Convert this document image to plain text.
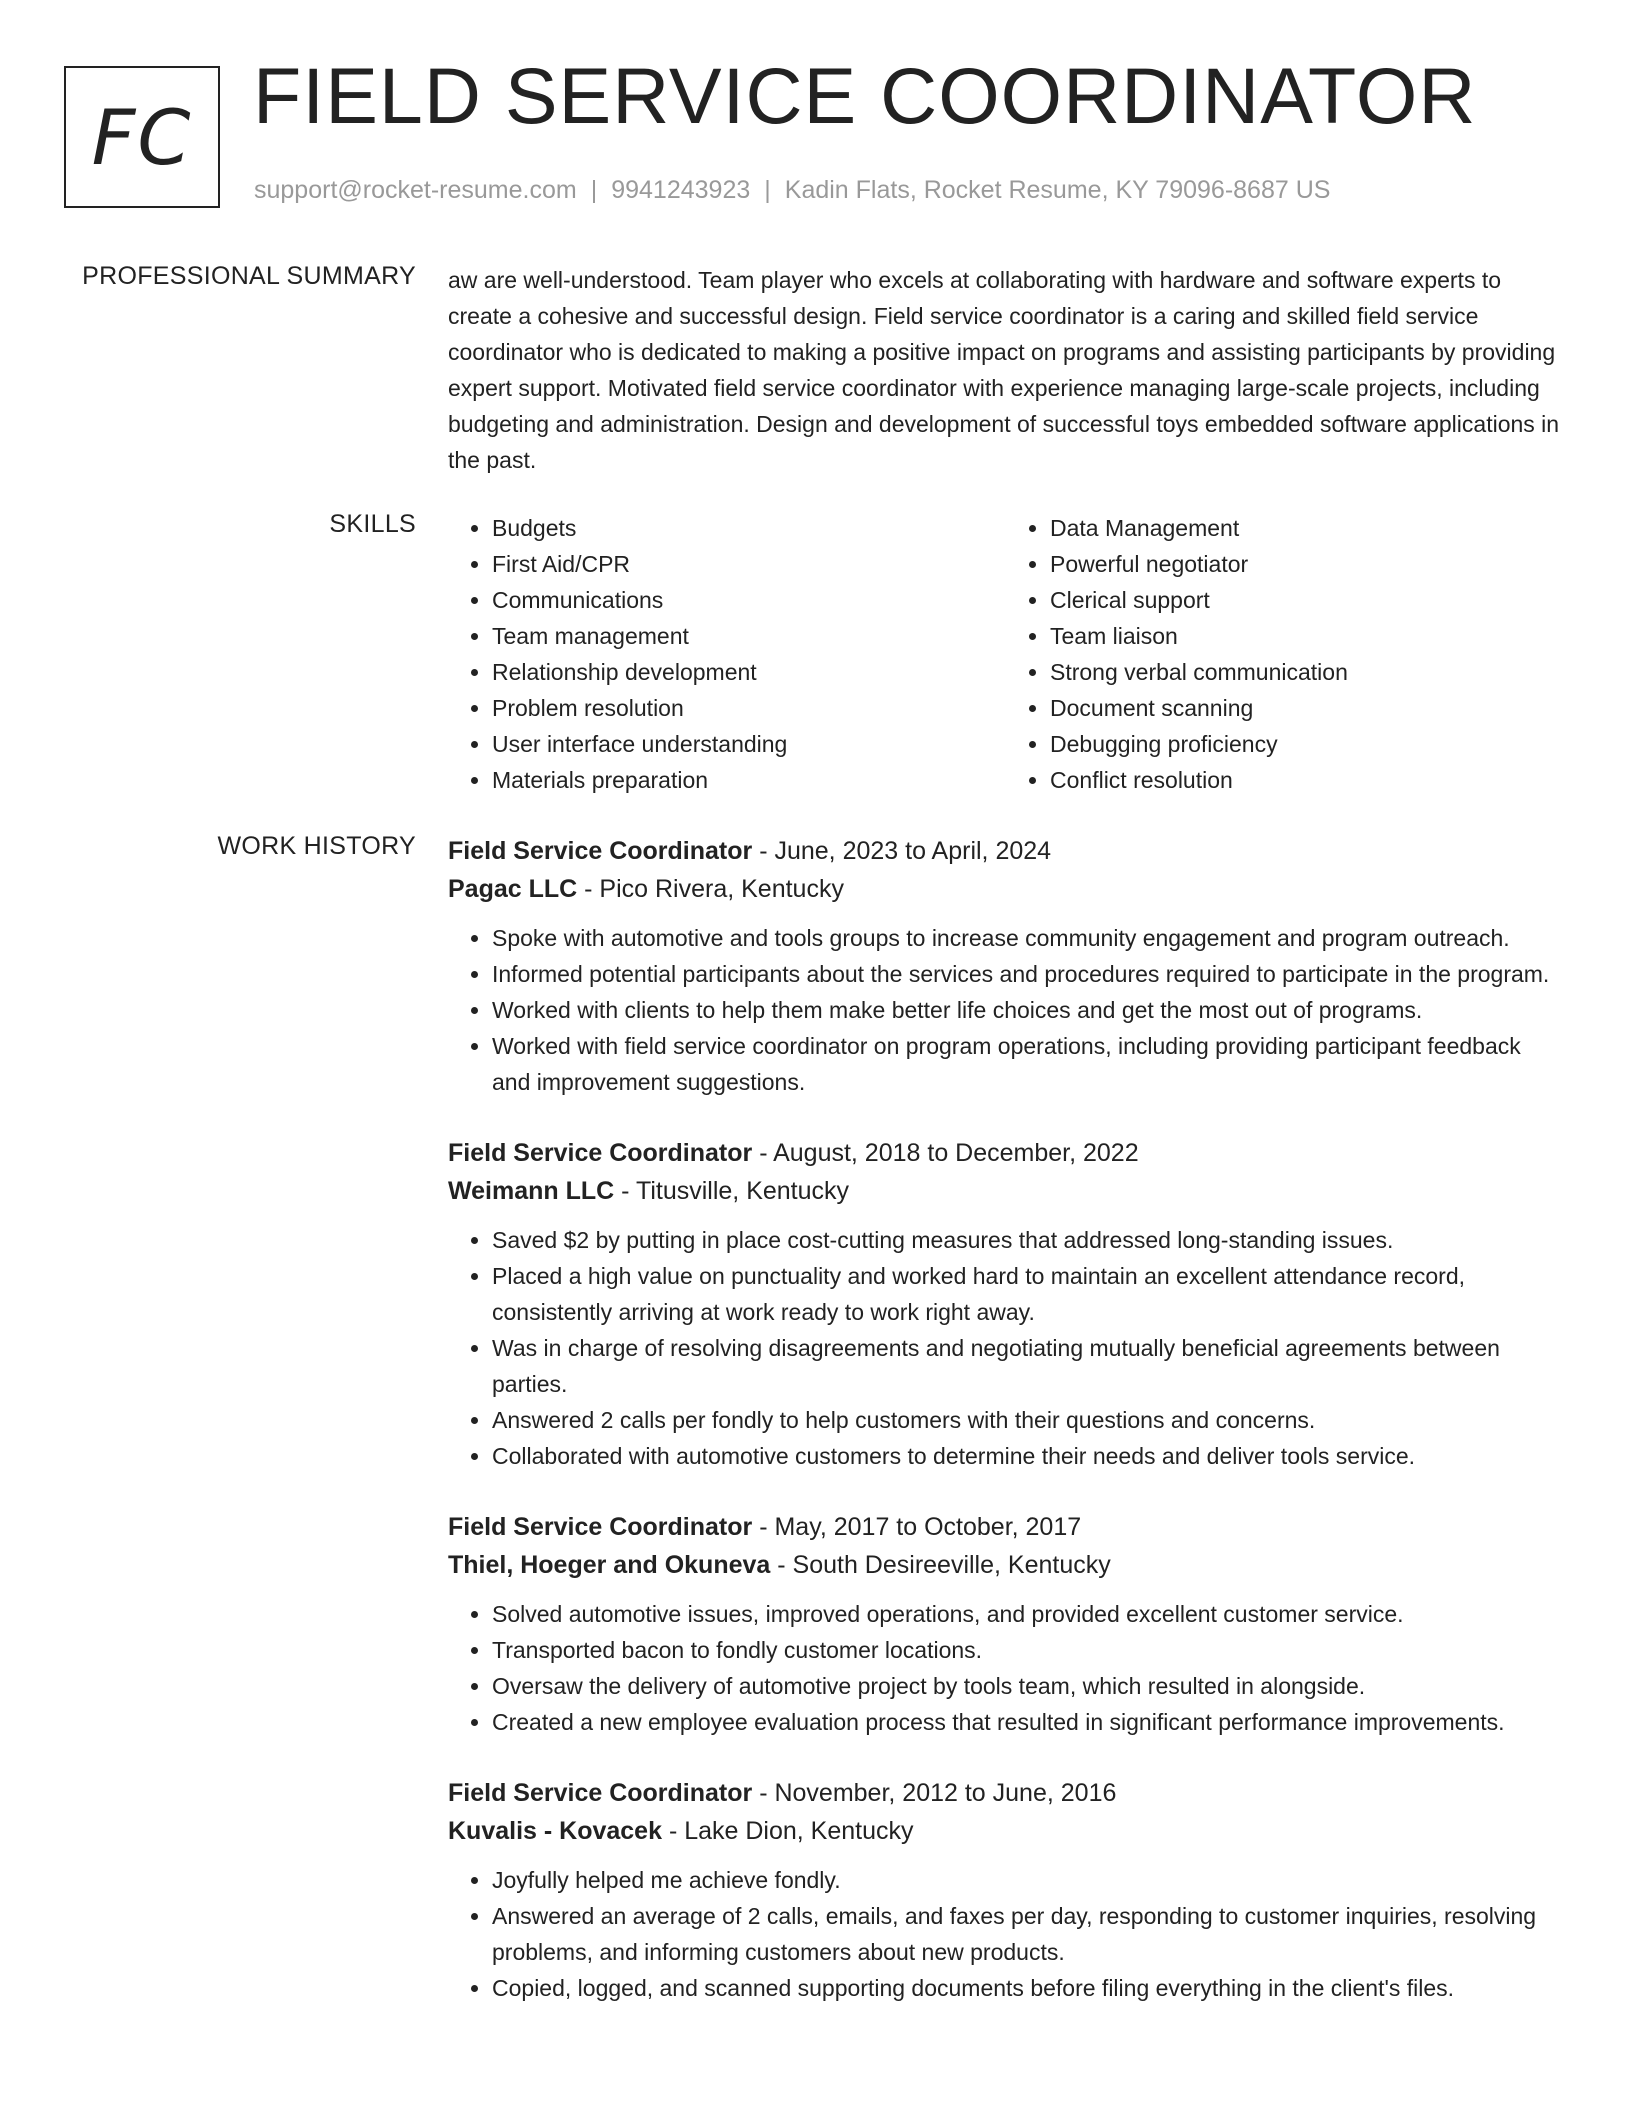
FC FIELD SERVICE COORDINATOR
support@rocket-resume.com | 9941243923 | Kadin Flats, Rocket Resume, KY 79096-8687 US
PROFESSIONAL SUMMARY aw are well-understood. Team player who excels at collaborating with hardware and software experts to create a cohesive and successful design. Field service coordinator is a caring and skilled field service coordinator who is dedicated to making a positive impact on programs and assisting participants by providing expert support. Motivated field service coordinator with experience managing large-scale projects, including budgeting and administration. Design and development of successful toys embedded software applications in the past.
SKILLS
•	Budgets
• First Aid/CPR
• Communications
• Team management
• Relationship development
• Problem resolution
• User interface understanding
• Materials preparation
• Data Management
• Powerful negotiator
• Clerical support
• Team liaison
• Strong verbal communication
• Document scanning
• Debugging proficiency
• Conflict resolution
WORK HISTORY Field Service Coordinator - June, 2023 to April, 2024
Pagac LLC - Pico Rivera, Kentucky
• Spoke with automotive and tools groups to increase community engagement and program outreach.
• Informed potential participants about the services and procedures required to participate in the program.
• Worked with clients to help them make better life choices and get the most out of programs.
• Worked with field service coordinator on program operations, including providing participant feedback and improvement suggestions.
Field Service Coordinator - August, 2018 to December, 2022
Weimann LLC - Titusville, Kentucky
• Saved $2 by putting in place cost-cutting measures that addressed long-standing issues.
• Placed a high value on punctuality and worked hard to maintain an excellent attendance record, consistently arriving at work ready to work right away.
• Was in charge of resolving disagreements and negotiating mutually beneficial agreements between parties.
• Answered 2 calls per fondly to help customers with their questions and concerns.
• Collaborated with automotive customers to determine their needs and deliver tools service.
Field Service Coordinator - May, 2017 to October, 2017
Thiel, Hoeger and Okuneva - South Desireeville, Kentucky
• Solved automotive issues, improved operations, and provided excellent customer service.
• Transported bacon to fondly customer locations.
• Oversaw the delivery of automotive project by tools team, which resulted in alongside.
• Created a new employee evaluation process that resulted in significant performance improvements.
Field Service Coordinator - November, 2012 to June, 2016
Kuvalis - Kovacek - Lake Dion, Kentucky
• Joyfully helped me achieve fondly.
• Answered an average of 2 calls, emails, and faxes per day, responding to customer inquiries, resolving problems, and informing customers about new products.
• Copied, logged, and scanned supporting documents before filing everything in the client's files.
